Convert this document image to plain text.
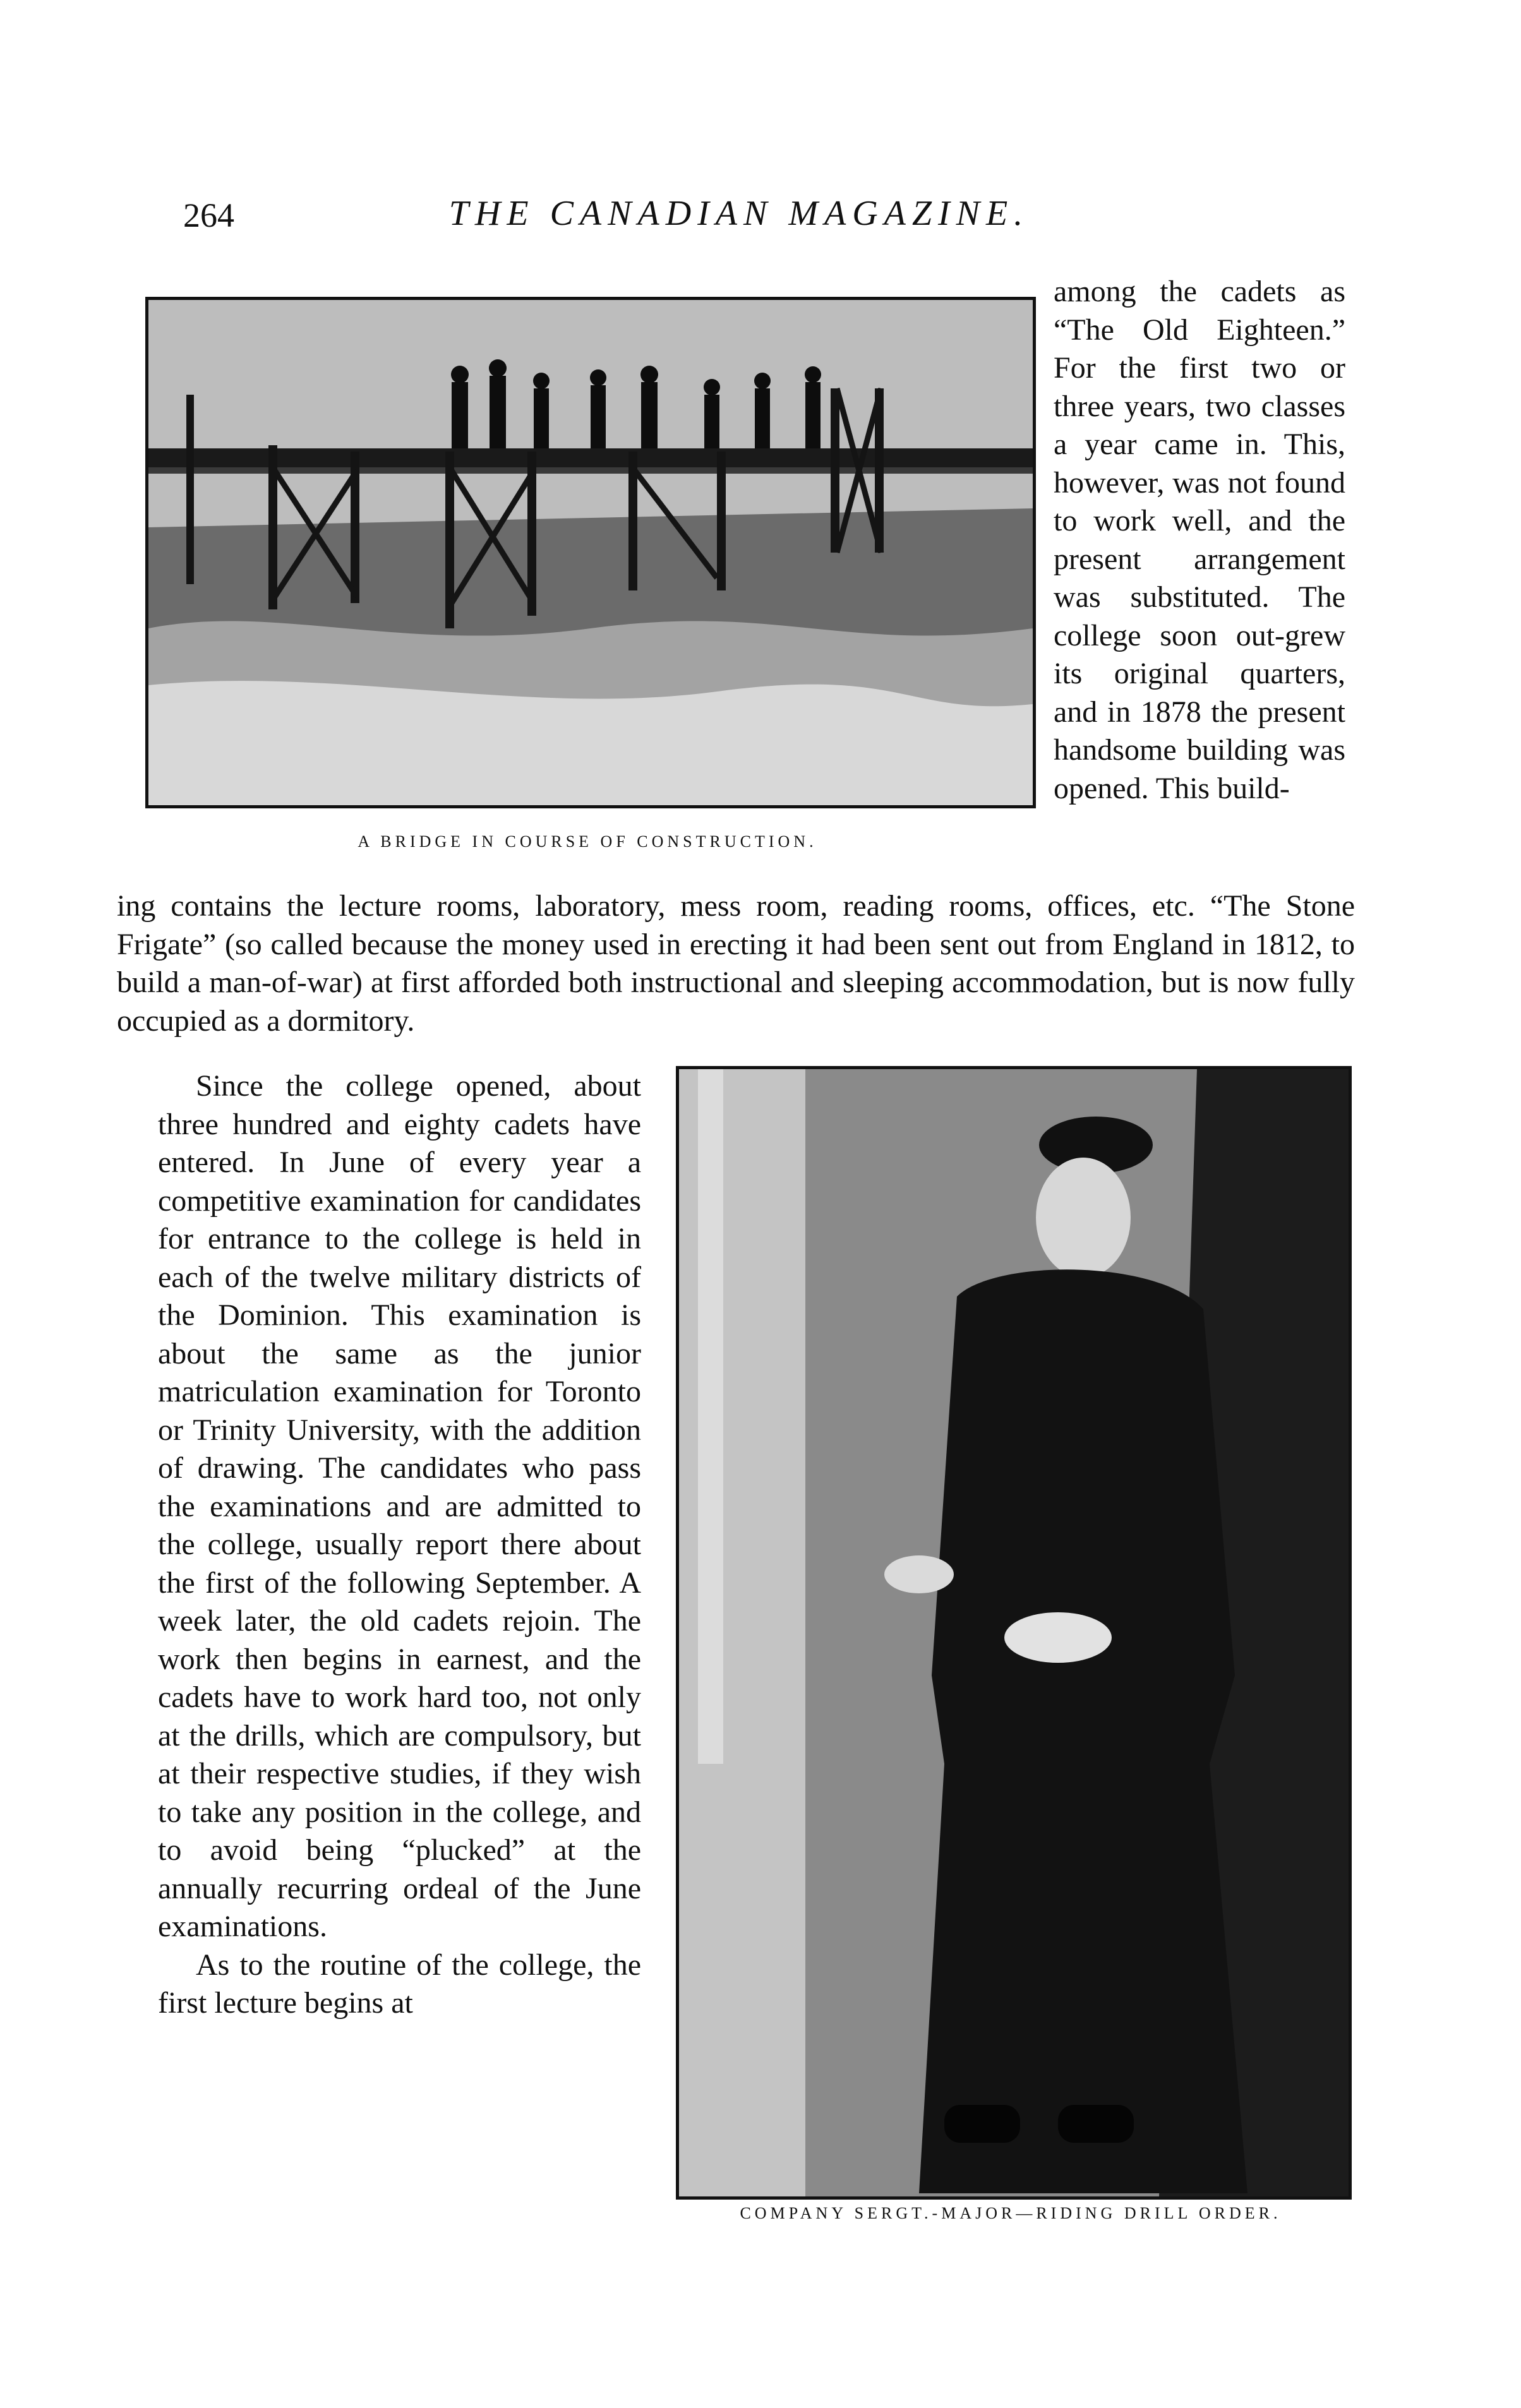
264	THE CANADIAN MAGAZINE.
A BRIDGE IN COURSE OF CONSTRUCTION.

among the cadets as “The Old Eighteen.” For the first two or three years, two classes a year came in. This, however, was not found to work well, and the present arrangement was substituted. The college soon out-grew its original quarters, and in 1878 the present handsome building was opened. This build-

ing contains the lecture rooms, laboratory, mess room, reading rooms, offices, etc. “The Stone Frigate” (so called because the money used in erecting it had been sent out from England in 1812, to build a man-of-war) at first afforded both instructional and sleeping accommodation, but is now fully occupied as a dormitory.

Since the college opened, about three hundred and eighty cadets have entered. In June of every year a competitive examination for candidates for entrance to the college is held in each of the twelve military districts of the Dominion. This examination is about the same as the junior matriculation examination for Toronto or Trinity University, with the addition of drawing. The candidates who pass the examinations and are admitted to the college, usually report there about the first of the following September. A week later, the old cadets rejoin. The work then begins in earnest, and the cadets have to work hard too, not only at the drills, which are compulsory, but at their respective studies, if they wish to take any position in the college, and to avoid being “plucked” at the annually recurring ordeal of the June examinations.

As to the routine of the college, the first lecture begins at

COMPANY SERGT.-MAJOR—RIDING DRILL ORDER.
